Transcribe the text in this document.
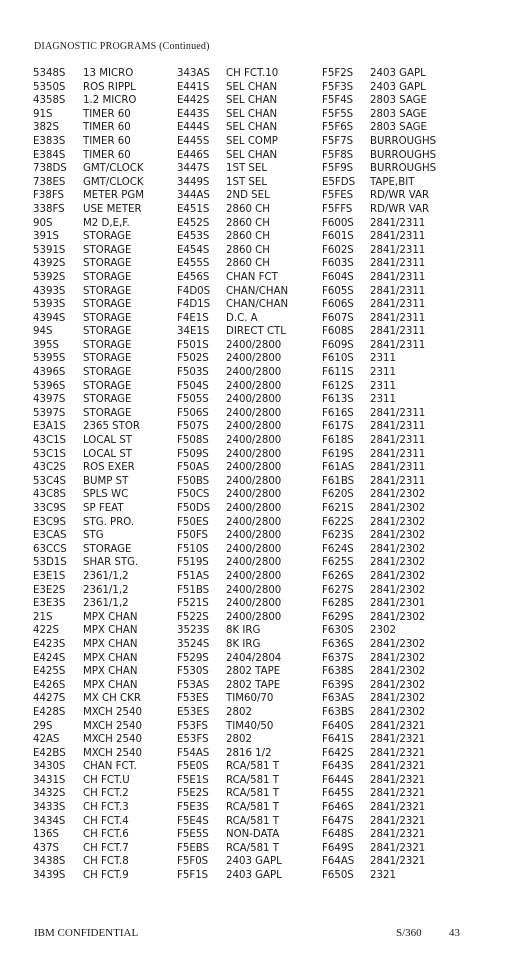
DIAGNOSTIC PROGRAMS (Continued)
5348S 13 MICRO	343AS CH FCT.10	F5F2S 2403 GAPL
5350S ROS RIPPL	E441S SEL CHAN	F5F3S 2403 GAPL
4358S 1.2 MICRO	E442S SEL CHAN	F5F4S 2803 SAGE
91S	TIMER 60	E443S SEL CHAN	F5F5S 2803 SAGE
382S TIMER 60	E444S SEL CHAN	F5F6S 2803 SAGE
E383S TIMER 60	E445S SEL COMP	F5F7S BURROUGHS
E384S TIMER 60	E446S SEL CHAN	F5F8S BURROUGHS
738DS GMT/CLOCK	3447S 1ST SEL	F5F9S BURROUGHS
738ES GMT/CLOCK	3449S 1ST SEL	E5FDS TAPE,BIT
F38FS METER PGM	344AS 2ND SEL	F5FES RD/WR VAR
338FS USE METER	E451S 2860 CH	F5FFS RD/WR VAR
90S	M2 D,E,F.	E452S 2860 CH	F600S 2841/2311
391S STORAGE	E453S 2860 CH	F601S 2841/2311
5391S STORAGE	E454S 2860 CH	F602S 2841/2311
4392S STORAGE	E455S 2860 CH	F603S 2841/2311
5392S STORAGE	E456S CHAN FCT	F604S 2841/2311
4393S STORAGE	F4D0S CHAN/CHAN	F605S 2841/2311
5393S STORAGE	F4D1S CHAN/CHAN	F606S 2841/2311
4394S STORAGE	F4E1S D.C. A	F607S 2841/2311
94S	STORAGE	34E1S DIRECT CTL	F608S 2841/2311
395S STORAGE	F501S 2400/2800	F609S 2841/2311
5395S STORAGE	F502S 2400/2800	F610S 2311
4396S STORAGE	F503S 2400/2800	F611S 2311
5396S STORAGE	F504S 2400/2800	F612S 2311
4397S STORAGE	F505S 2400/2800	F613S 2311
5397S STORAGE	F506S 2400/2800	F616S 2841/2311
E3A1S 2365 STOR	F507S 2400/2800	F617S 2841/2311
43C1S LOCAL ST	F508S 2400/2800	F618S 2841/2311
53C1S LOCAL ST	F509S 2400/2800	F619S 2841/2311
43C2S ROS EXER	F50AS 2400/2800	F61AS 2841/2311
53C4S BUMP ST	F50BS 2400/2800	F61BS 2841/2311
43C8S SPLS WC	F50CS 2400/2800	F620S 2841/2302
33C9S SP FEAT	F50DS 2400/2800	F621S 2841/2302
E3C9S STG. PRO.	F50ES 2400/2800	F622S 2841/2302
E3CAS STG	F50FS 2400/2800	F623S 2841/2302
63CCS STORAGE	F510S 2400/2800	F624S 2841/2302
53D1S SHAR STG.	F519S 2400/2800	F625S 2841/2302
E3E1S 2361/1,2	F51AS 2400/2800	F626S 2841/2302
E3E2S 2361/1,2	F51BS 2400/2800	F627S 2841/2302
E3E3S 2361/1,2	F521S 2400/2800	F628S 2841/2301
21S	MPX CHAN	F522S 2400/2800	F629S 2841/2302
422S MPX CHAN	3523S 8K IRG	F630S 2302
E423S MPX CHAN	3524S 8K IRG	F636S 2841/2302
E424S MPX CHAN	F529S 2404/2804	F637S 2841/2302
E425S MPX CHAN	F530S 2802 TAPE	F638S 2841/2302
E426S MPX CHAN	F53AS 2802 TAPE	F639S 2841/2302
4427S MX CH CKR	F53ES TIM60/70	F63AS 2841/2302
E428S MXCH 2540	E53ES 2802	F63BS 2841/2302
29S	MXCH 2540	F53FS TIM40/50	F640S 2841/2321
42AS MXCH 2540	E53FS 2802	F641S 2841/2321
E42BS MXCH 2540	F54AS 2816 1/2	F642S 2841/2321
3430S CHAN FCT.	F5E0S RCA/581 T	F643S 2841/2321
3431S CH FCT.U	F5E1S RCA/581 T	F644S 2841/2321
3432S CH FCT.2	F5E2S RCA/581 T	F645S 2841/2321
3433S CH FCT.3	F5E3S RCA/581 T	F646S 2841/2321
3434S CH FCT.4	F5E4S RCA/581 T	F647S 2841/2321
136S CH FCT.6	F5E5S NON-DATA	F648S 2841/2321
437S CH FCT.7	F5EBS RCA/581 T	F649S 2841/2321
3438S CH FCT.8	F5F0S 2403 GAPL	F64AS 2841/2321
3439S CH FCT.9	F5F1S 2403 GAPL	F650S 2321
IBM CONFIDENTIAL	S/360 43
